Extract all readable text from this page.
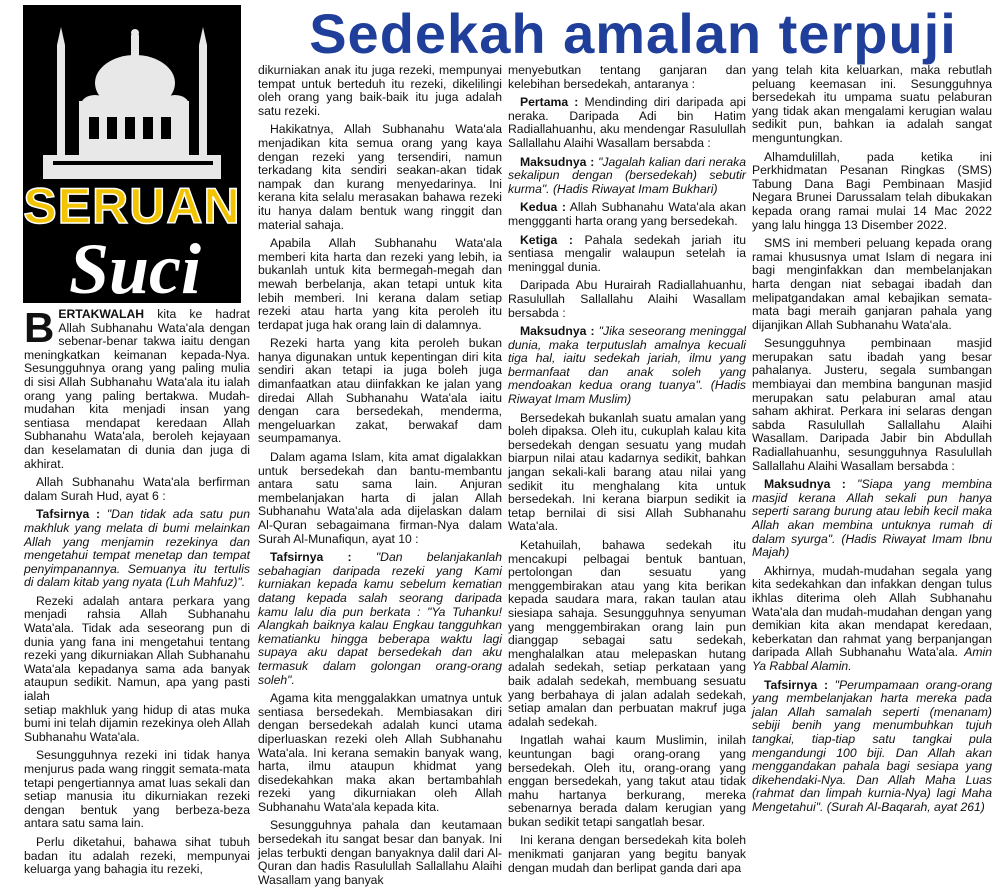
Sedekah amalan terpuji
SERUAN
Suci

BERTAKWALAH kita ke hadrat Allah Subhanahu Wata'ala dengan sebenar-benar takwa iaitu dengan meningkatkan keimanan kepada-Nya. Sesungguhnya orang yang paling mulia di sisi Allah Subhanahu Wata'ala itu ialah orang yang paling bertakwa. Mudah-mudahan kita menjadi insan yang sentiasa mendapat keredaan Allah Subhanahu Wata'ala, beroleh kejayaan dan keselamatan di dunia dan juga di akhirat.

Allah Subhanahu Wata'ala berfirman dalam Surah Hud, ayat 6 :

Tafsirnya : "Dan tidak ada satu pun makhluk yang melata di bumi melainkan Allah yang menjamin rezekinya dan mengetahui tempat menetap dan tempat penyimpanannya. Semuanya itu tertulis di dalam kitab yang nyata (Luh Mahfuz)".

Rezeki adalah antara perkara yang menjadi rahsia Allah Subhanahu Wata'ala. Tidak ada seseorang pun di dunia yang fana ini mengetahui tentang rezeki yang dikurniakan Allah Subhanahu Wata'ala kepadanya sama ada banyak ataupun sedikit. Namun, apa yang pasti ialah
setiap makhluk yang hidup di atas muka bumi ini telah dijamin rezekinya oleh Allah Subhanahu Wata'ala.

Sesungguhnya rezeki ini tidak hanya menjurus pada wang ringgit semata-mata tetapi pengertiannya amat luas sekali dan setiap manusia itu dikurniakan rezeki dengan bentuk yang berbeza-beza antara satu sama lain.

Perlu diketahui, bahawa sihat tubuh badan itu adalah rezeki, mempunyai keluarga yang bahagia itu rezeki,

dikurniakan anak itu juga rezeki, mempunyai tempat untuk berteduh itu rezeki, dikelilingi oleh orang yang baik-baik itu juga adalah satu rezeki.

Hakikatnya, Allah Subhanahu Wata'ala menjadikan kita semua orang yang kaya dengan rezeki yang tersendiri, namun terkadang kita sendiri seakan-akan tidak nampak dan kurang menyedarinya. Ini kerana kita selalu merasakan bahawa rezeki itu hanya dalam bentuk wang ringgit dan material sahaja.

Apabila Allah Subhanahu Wata'ala memberi kita harta dan rezeki yang lebih, ia bukanlah untuk kita bermegah-megah dan mewah berbelanja, akan tetapi untuk kita lebih memberi. Ini kerana dalam setiap rezeki atau harta yang kita peroleh itu terdapat juga hak orang lain di dalamnya.

Rezeki harta yang kita peroleh bukan hanya digunakan untuk kepentingan diri kita sendiri akan tetapi ia juga boleh juga dimanfaatkan atau diinfakkan ke jalan yang diredai Allah Subhanahu Wata'ala iaitu dengan cara bersedekah, menderma, mengeluarkan zakat, berwakaf dam seumpamanya.

Dalam agama Islam, kita amat digalakkan untuk bersedekah dan bantu-membantu antara satu sama lain. Anjuran membelanjakan harta di jalan Allah Subhanahu Wata'ala ada dijelaskan dalam Al-Quran sebagaimana firman-Nya dalam Surah Al-Munafiqun, ayat 10 :

Tafsirnya : "Dan belanjakanlah sebahagian daripada rezeki yang Kami kurniakan kepada kamu sebelum kematian datang kepada salah seorang daripada kamu lalu dia pun berkata : "Ya Tuhanku! Alangkah baiknya kalau Engkau tangguhkan kematianku hingga beberapa waktu lagi supaya aku dapat bersedekah dan aku termasuk dalam golongan orang-orang soleh".

Agama kita menggalakkan umatnya untuk sentiasa bersedekah. Membiasakan diri dengan bersedekah adalah kunci utama diperluaskan rezeki oleh Allah Subhanahu Wata'ala. Ini kerana semakin banyak wang, harta, ilmu ataupun khidmat yang disedekahkan maka akan bertambahlah rezeki yang dikurniakan oleh Allah Subhanahu Wata'ala kepada kita.

Sesungguhnya pahala dan keutamaan bersedekah itu sangat besar dan banyak. Ini jelas terbukti dengan banyaknya dalil dari Al-Quran dan hadis Rasulullah Sallallahu Alaihi Wasallam yang banyak

menyebutkan tentang ganjaran dan kelebihan bersedekah, antaranya :

Pertama : Mendinding diri daripada api neraka. Daripada Adi bin Hatim Radiallahuanhu, aku mendengar Rasulullah Sallallahu Alaihi Wasallam bersabda :

Maksudnya : "Jagalah kalian dari neraka sekalipun dengan (bersedekah) sebutir kurma". (Hadis Riwayat Imam Bukhari)

Kedua : Allah Subhanahu Wata'ala akan menggganti harta orang yang bersedekah.

Ketiga : Pahala sedekah jariah itu sentiasa mengalir walaupun setelah ia meninggal dunia.

Daripada Abu Hurairah Radiallahuanhu, Rasulullah Sallallahu Alaihi Wasallam bersabda :

Maksudnya : "Jika seseorang meninggal dunia, maka terputuslah amalnya kecuali tiga hal, iaitu sedekah jariah, ilmu yang bermanfaat dan anak soleh yang mendoakan kedua orang tuanya". (Hadis Riwayat Imam Muslim)

Bersedekah bukanlah suatu amalan yang boleh dipaksa. Oleh itu, cukuplah kalau kita bersedekah dengan sesuatu yang mudah biarpun nilai atau kadarnya sedikit, bahkan jangan sekali-kali barang atau nilai yang sedikit itu menghalang kita untuk bersedekah. Ini kerana biarpun sedikit ia tetap bernilai di sisi Allah Subhanahu Wata'ala.

Ketahuilah, bahawa sedekah itu mencakupi pelbagai bentuk bantuan, pertolongan dan sesuatu yang menggembirakan atau yang kita berikan kepada saudara mara, rakan taulan atau siesiapa sahaja. Sesungguhnya senyuman yang menggembirakan orang lain pun dianggap sebagai satu sedekah, menghalalkan atau melepaskan hutang adalah sedekah, setiap perkataan yang baik adalah sedekah, membuang sesuatu yang berbahaya di jalan adalah sedekah, setiap amalan dan perbuatan makruf juga adalah sedekah.

Ingatlah wahai kaum Muslimin, inilah keuntungan bagi orang-orang yang bersedekah. Oleh itu, orang-orang yang enggan bersedekah, yang takut atau tidak mahu hartanya berkurang, mereka sebenarnya berada dalam kerugian yang bukan sedikit tetapi sangatlah besar.

Ini kerana dengan bersedekah kita boleh menikmati ganjaran yang begitu banyak dengan mudah dan berlipat ganda dari apa

yang telah kita keluarkan, maka rebutlah peluang keemasan ini. Sesungguhnya bersedekah itu umpama suatu pelaburan yang tidak akan mengalami kerugian walau sedikit pun, bahkan ia adalah sangat menguntungkan.

Alhamdulillah, pada ketika ini Perkhidmatan Pesanan Ringkas (SMS) Tabung Dana Bagi Pembinaan Masjid Negara Brunei Darussalam telah dibukakan kepada orang ramai mulai 14 Mac 2022 yang lalu hingga 13 Disember 2022.

SMS ini memberi peluang kepada orang ramai khususnya umat Islam di negara ini bagi menginfakkan dan membelanjakan harta dengan niat sebagai ibadah dan melipatgandakan amal kebajikan semata-mata bagi meraih ganjaran pahala yang dijanjikan Allah Subhanahu Wata'ala.

Sesungguhnya pembinaan masjid merupakan satu ibadah yang besar pahalanya. Justeru, segala sumbangan membiayai dan membina bangunan masjid merupakan satu pelaburan amal atau saham akhirat. Perkara ini selaras dengan sabda Rasulullah Sallallahu Alaihi Wasallam. Daripada Jabir bin Abdullah Radiallahuanhu, sesungguhnya Rasulullah Sallallahu Alaihi Wasallam bersabda :

Maksudnya : "Siapa yang membina masjid kerana Allah sekali pun hanya seperti sarang burung atau lebih kecil maka Allah akan membina untuknya rumah di dalam syurga". (Hadis Riwayat Imam Ibnu Majah)

Akhirnya, mudah-mudahan segala yang kita sedekahkan dan infakkan dengan tulus ikhlas diterima oleh Allah Subhanahu Wata'ala dan mudah-mudahan dengan yang demikian kita akan mendapat keredaan, keberkatan dan rahmat yang berpanjangan daripada Allah Subhanahu Wata'ala. Amin Ya Rabbal Alamin.

Tafsirnya : "Perumpamaan orang-orang yang membelanjakan harta mereka pada jalan Allah samalah seperti (menanam) sebiji benih yang menumbuhkan tujuh tangkai, tiap-tiap satu tangkai pula mengandungi 100 biji. Dan Allah akan menggandakan pahala bagi sesiapa yang dikehendaki-Nya. Dan Allah Maha Luas (rahmat dan limpah kurnia-Nya) lagi Maha Mengetahui". (Surah Al-Baqarah, ayat 261)
